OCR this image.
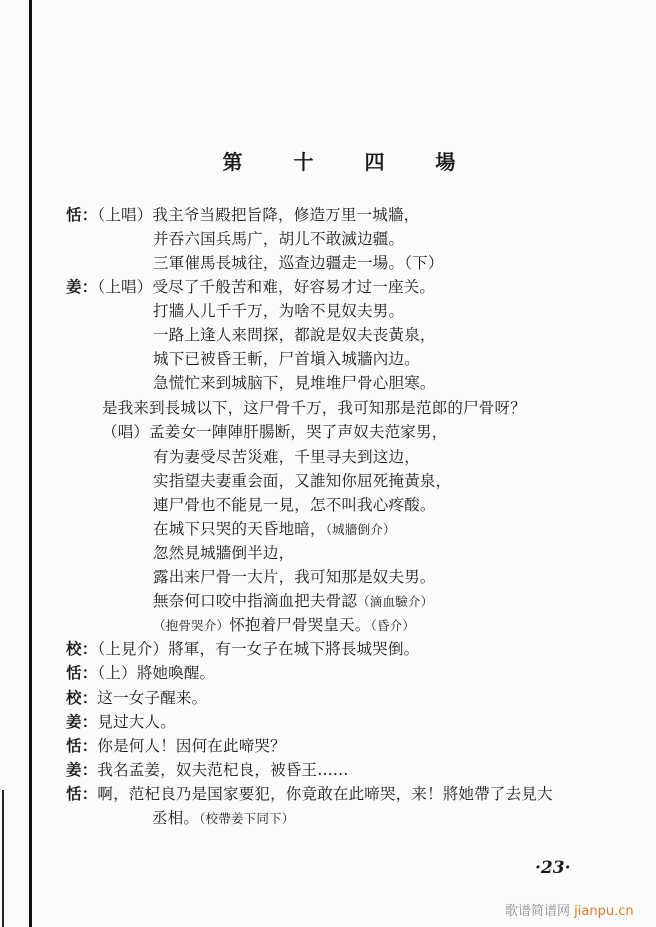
第 十 四 場
恬：（上唱）我主爷当殿把旨降，修造万里一城牆，
并吞六国兵馬广，胡儿不敢滅边疆。
三軍催馬長城往，巡查边疆走一場。（下）
姜：（上唱）受尽了千般苦和难，好容易才过一座关。
打牆人儿千千万，为啥不見奴夫男。
一路上逢人来問探，都說是奴夫丧黃泉，
城下已被昏王斬，尸首塡入城牆內边。
急慌忙来到城脑下，見堆堆尸骨心胆寒。
是我来到長城以下，这尸骨千万，我可知那是范郎的尸骨呀？
（唱）孟姜女一陣陣肝腸断，哭了声奴夫范家男，
有为妻受尽苦災难，千里寻夫到这边，
实指望夫妻重会面，又誰知你屈死掩黃泉，
連尸骨也不能見一見，怎不叫我心疼酸。
在城下只哭的天昏地暗，（城牆倒介）
忽然見城牆倒半边，
露出来尸骨一大片，我可知那是奴夫男。
無奈何口咬中指滴血把夫骨認（滴血驗介）
（抱骨哭介）怀抱着尸骨哭皇天。（昏介）
校：（上見介）將軍，有一女子在城下將長城哭倒。
恬：（上）將她喚醒。
校：这一女子醒来。
姜：見过大人。
恬：你是何人！因何在此啼哭？
姜：我名孟姜，奴夫范杞良，被昏王……
恬：啊，范杞良乃是国家要犯，你竟敢在此啼哭，来！將她帶了去見大
丞相。（校帶姜下同下）
·23·
歌谱简谱网 jianpu.cn
